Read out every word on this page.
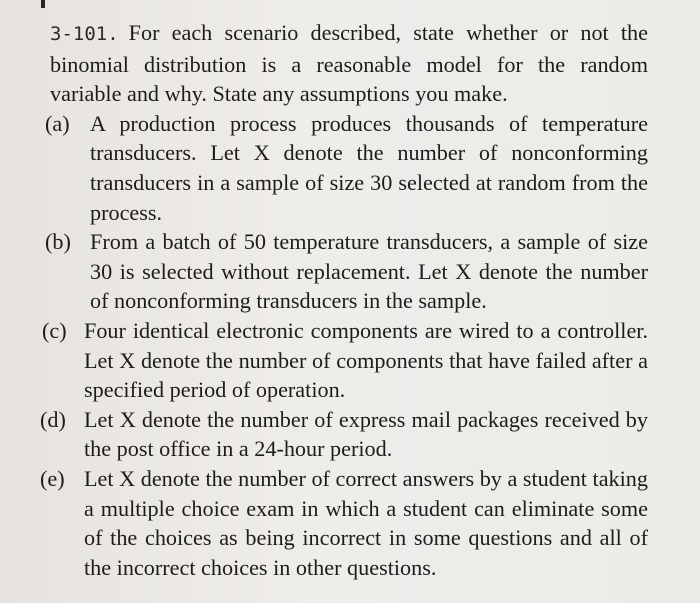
3-101. For each scenario described, state whether or not the binomial distribution is a reasonable model for the random variable and why. State any assumptions you make.
(a) A production process produces thousands of temperature transducers. Let X denote the number of nonconforming transducers in a sample of size 30 selected at random from the process.
(b) From a batch of 50 temperature transducers, a sample of size 30 is selected without replacement. Let X denote the number of nonconforming transducers in the sample.
(c) Four identical electronic components are wired to a controller. Let X denote the number of components that have failed after a specified period of operation.
(d) Let X denote the number of express mail packages received by the post office in a 24-hour period.
(e) Let X denote the number of correct answers by a student taking a multiple choice exam in which a student can eliminate some of the choices as being incorrect in some questions and all of the incorrect choices in other questions.
